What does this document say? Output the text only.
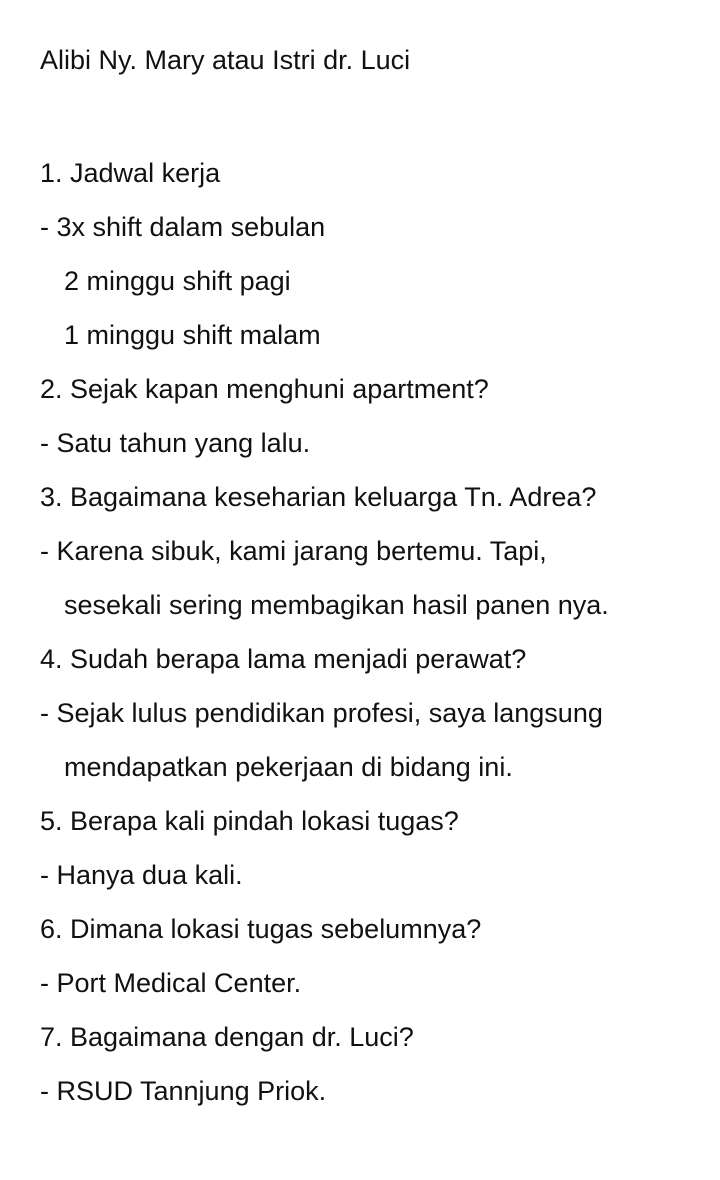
Alibi Ny. Mary atau Istri dr. Luci
1. Jadwal kerja
- 3x shift dalam sebulan
2 minggu shift pagi
1 minggu shift malam
2. Sejak kapan menghuni apartment?
- Satu tahun yang lalu.
3. Bagaimana keseharian keluarga Tn. Adrea?
- Karena sibuk, kami jarang bertemu. Tapi,
sesekali sering membagikan hasil panen nya.
4. Sudah berapa lama menjadi perawat?
- Sejak lulus pendidikan profesi, saya langsung
mendapatkan pekerjaan di bidang ini.
5. Berapa kali pindah lokasi tugas?
- Hanya dua kali.
6. Dimana lokasi tugas sebelumnya?
- Port Medical Center.
7. Bagaimana dengan dr. Luci?
- RSUD Tannjung Priok.
